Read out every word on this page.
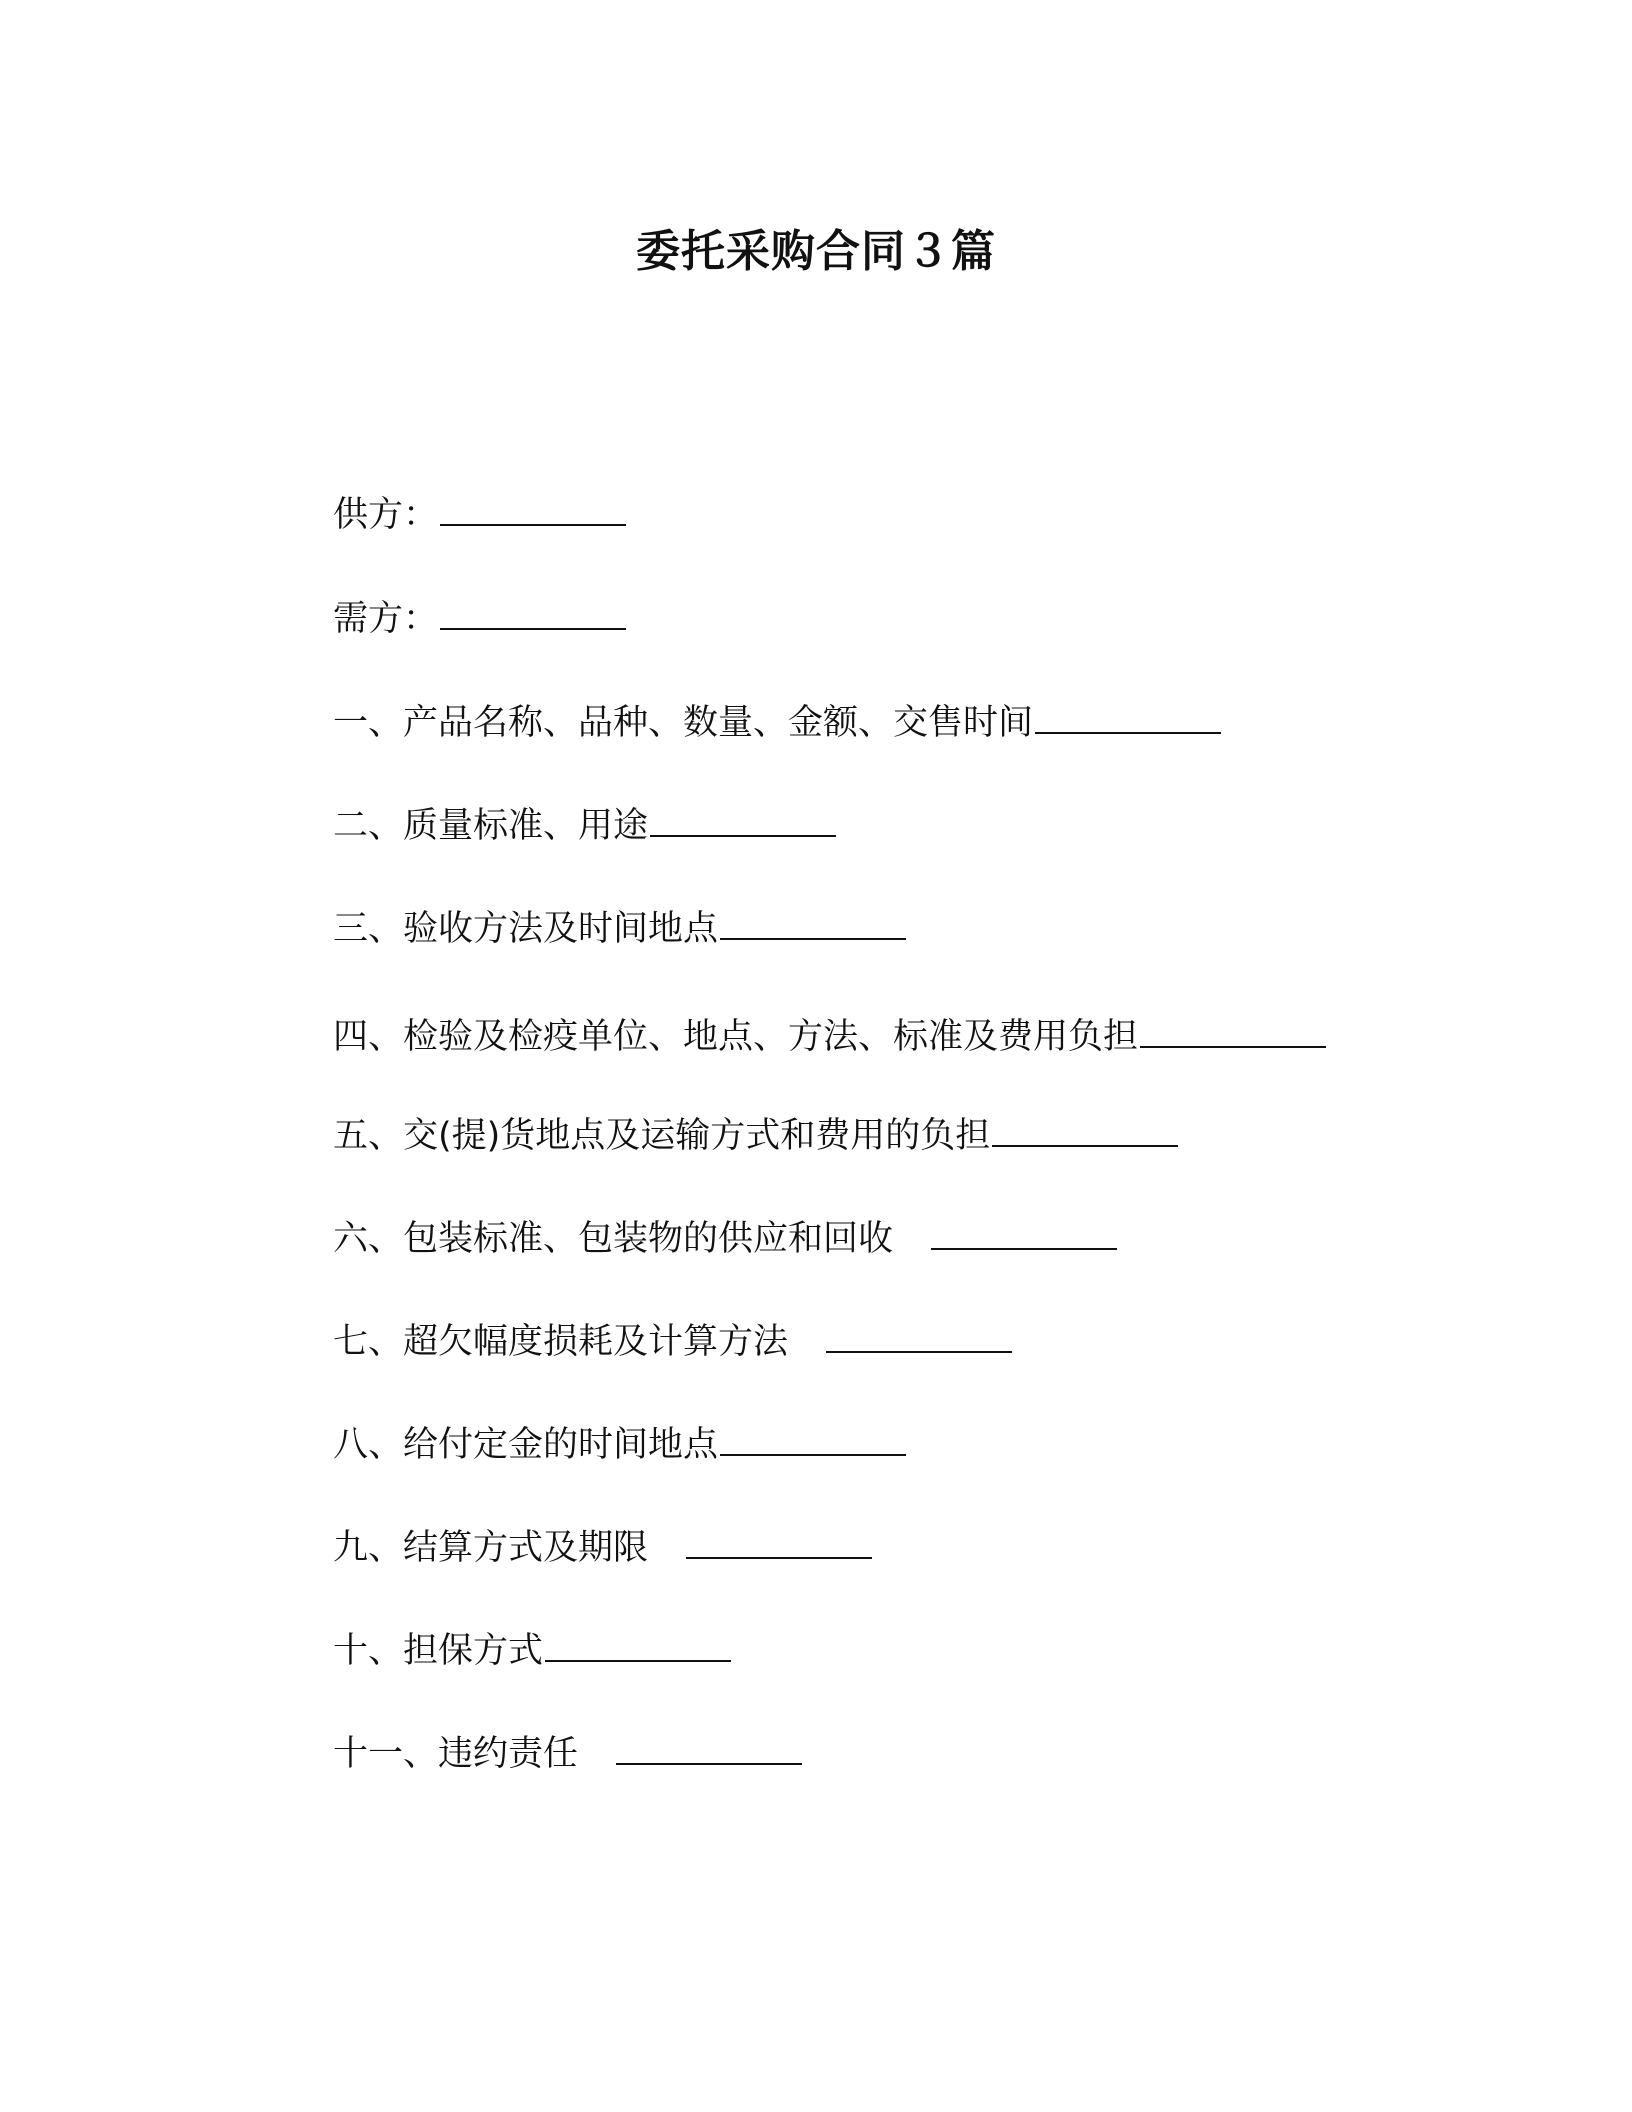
委托采购合同３篇
供方：
需方：
一、产品名称、品种、数量、金额、交售时间
二、质量标准、用途
三、验收方法及时间地点
四、检验及检疫单位、地点、方法、标准及费用负担
五、交(提)货地点及运输方式和费用的负担
六、包装标准、包装物的供应和回收
七、超欠幅度损耗及计算方法
八、给付定金的时间地点
九、结算方式及期限
十、担保方式
十一、违约责任
